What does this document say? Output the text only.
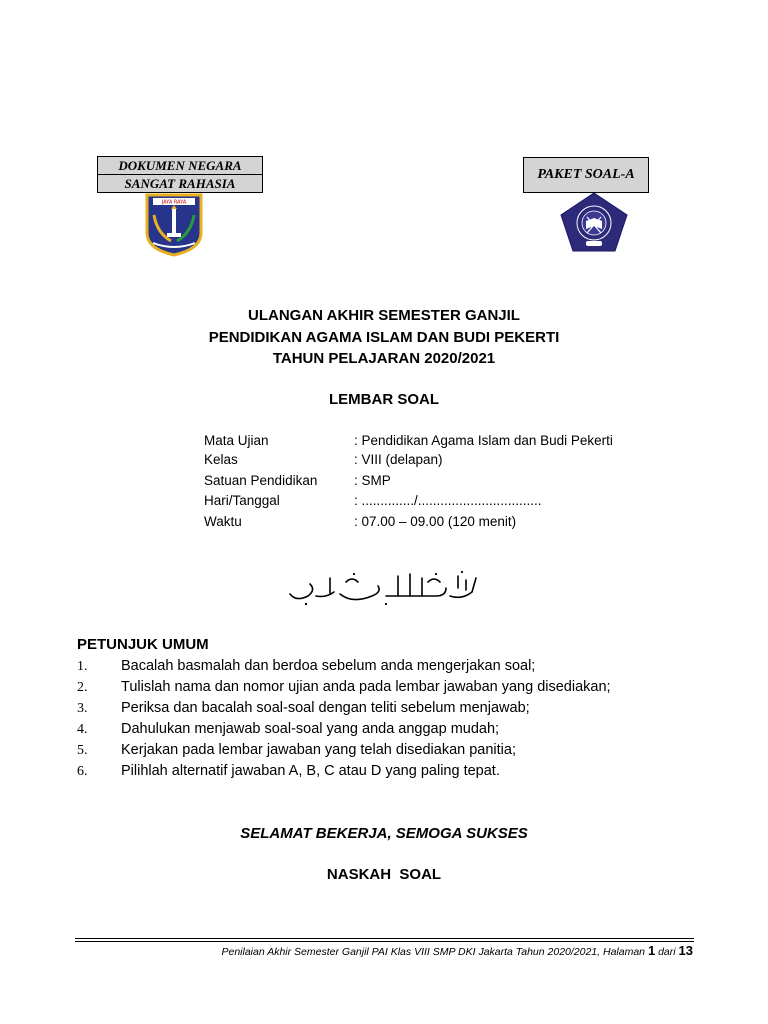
DOKUMEN NEGARA
SANGAT RAHASIA
JAYA RAYA
PAKET SOAL-A
ULANGAN AKHIR SEMESTER GANJIL
PENDIDIKAN AGAMA ISLAM DAN BUDI PEKERTI
TAHUN PELAJARAN 2020/2021
LEMBAR SOAL
Mata Ujian	: Pendidikan Agama Islam dan Budi Pekerti
Kelas	: VIII (delapan)
Satuan Pendidikan	: SMP
Hari/Tanggal	: ............../.................................
Waktu	: 07.00 – 09.00 (120 menit)
PETUNJUK UMUM
1. Bacalah basmalah dan berdoa sebelum anda mengerjakan soal;
2. Tulislah nama dan nomor ujian anda pada lembar jawaban yang disediakan;
3. Periksa dan bacalah soal-soal dengan teliti sebelum menjawab;
4. Dahulukan menjawab soal-soal yang anda anggap mudah;
5. Kerjakan pada lembar jawaban yang telah disediakan panitia;
6. Pilihlah alternatif jawaban A, B, C atau D yang paling tepat.
SELAMAT BEKERJA, SEMOGA SUKSES
NASKAH  SOAL
Penilaian Akhir Semester Ganjil PAI Klas VIII SMP DKI Jakarta Tahun 2020/2021, Halaman 1 dari 13
